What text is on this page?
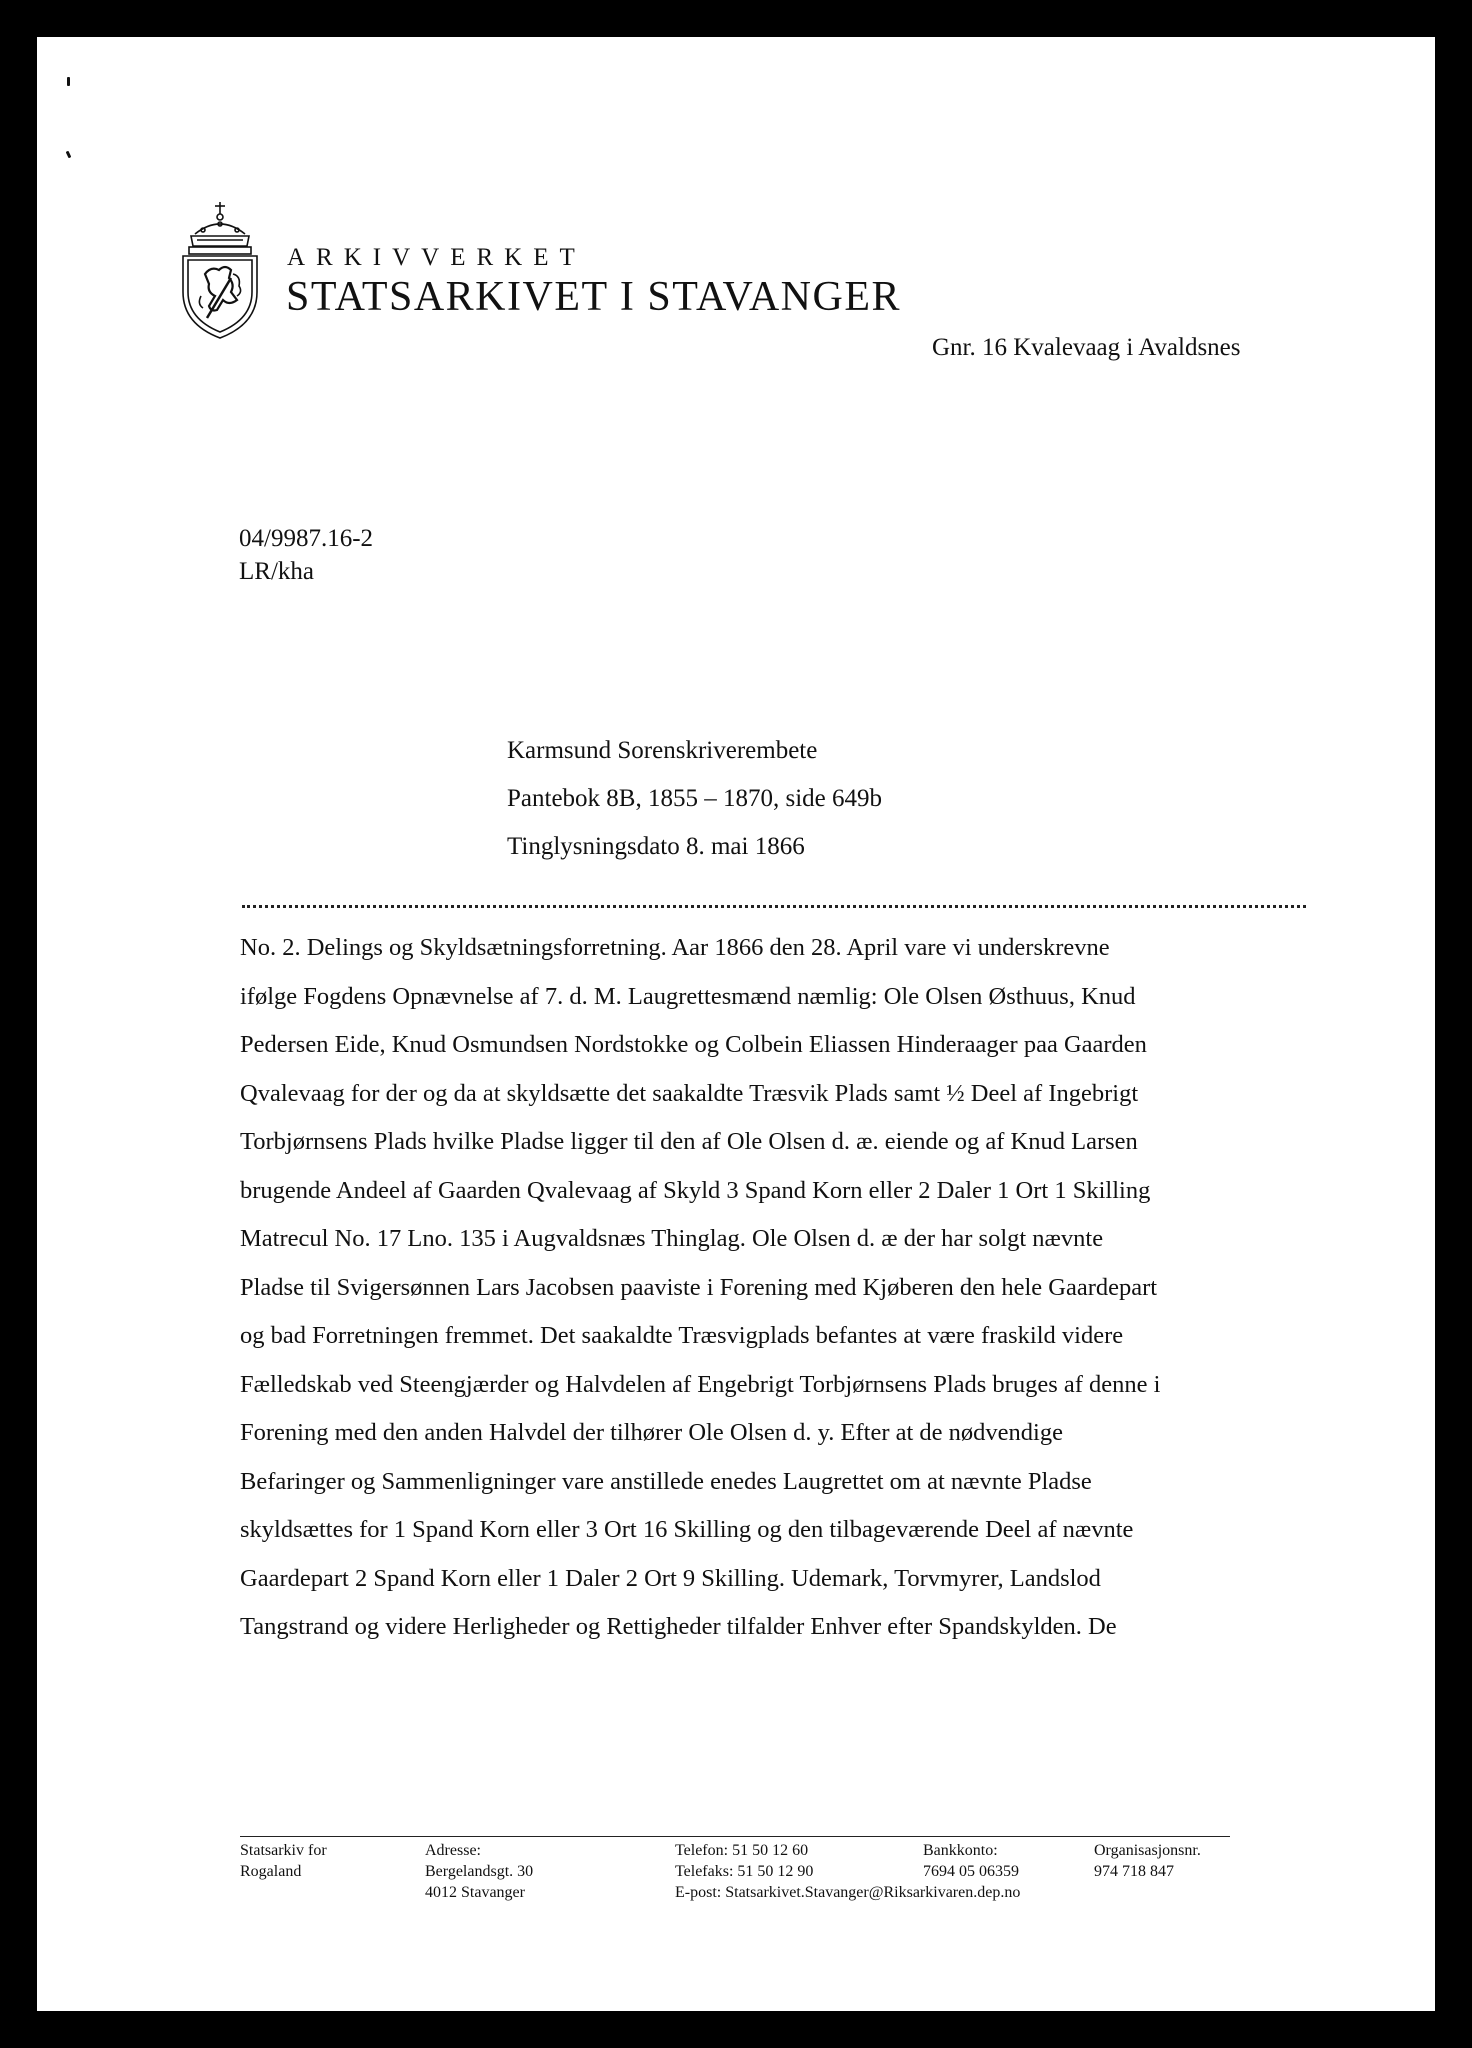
ARKIVVERKET
STATSARKIVET I STAVANGER
Gnr. 16 Kvalevaag i Avaldsnes
04/9987.16-2
LR/kha
Karmsund Sorenskriverembete
Pantebok 8B, 1855 – 1870, side 649b
Tinglysningsdato 8. mai 1866
No. 2. Delings og Skyldsætningsforretning. Aar 1866 den 28. April vare vi underskrevne
ifølge Fogdens Opnævnelse af 7. d. M. Laugrettesmænd næmlig: Ole Olsen Østhuus, Knud
Pedersen Eide, Knud Osmundsen Nordstokke og Colbein Eliassen Hinderaager paa Gaarden
Qvalevaag for der og da at skyldsætte det saakaldte Træsvik Plads samt ½ Deel af Ingebrigt
Torbjørnsens Plads hvilke Pladse ligger til den af Ole Olsen d. æ. eiende og af Knud Larsen
brugende Andeel af Gaarden Qvalevaag af Skyld 3 Spand Korn eller 2 Daler 1 Ort 1 Skilling
Matrecul No. 17 Lno. 135 i Augvaldsnæs Thinglag. Ole Olsen d. æ der har solgt nævnte
Pladse til Svigersønnen Lars Jacobsen paaviste i Forening med Kjøberen den hele Gaardepart
og bad Forretningen fremmet. Det saakaldte Træsvigplads befantes at være fraskild videre
Fælledskab ved Steengjærder og Halvdelen af Engebrigt Torbjørnsens Plads bruges af denne i
Forening med den anden Halvdel der tilhører Ole Olsen d. y. Efter at de nødvendige
Befaringer og Sammenligninger vare anstillede enedes Laugrettet om at nævnte Pladse
skyldsættes for 1 Spand Korn eller 3 Ort 16 Skilling og den tilbageværende Deel af nævnte
Gaardepart 2 Spand Korn eller 1 Daler 2 Ort 9 Skilling. Udemark, Torvmyrer, Landslod
Tangstrand og videre Herligheder og Rettigheder tilfalder Enhver efter Spandskylden. De
Statsarkiv for
Rogaland
Adresse:
Bergelandsgt. 30
4012 Stavanger
Telefon: 51 50 12 60
Telefaks: 51 50 12 90
E-post: Statsarkivet.Stavanger@Riksarkivaren.dep.no
Bankkonto:
7694 05 06359
Organisasjonsnr.
974 718 847
